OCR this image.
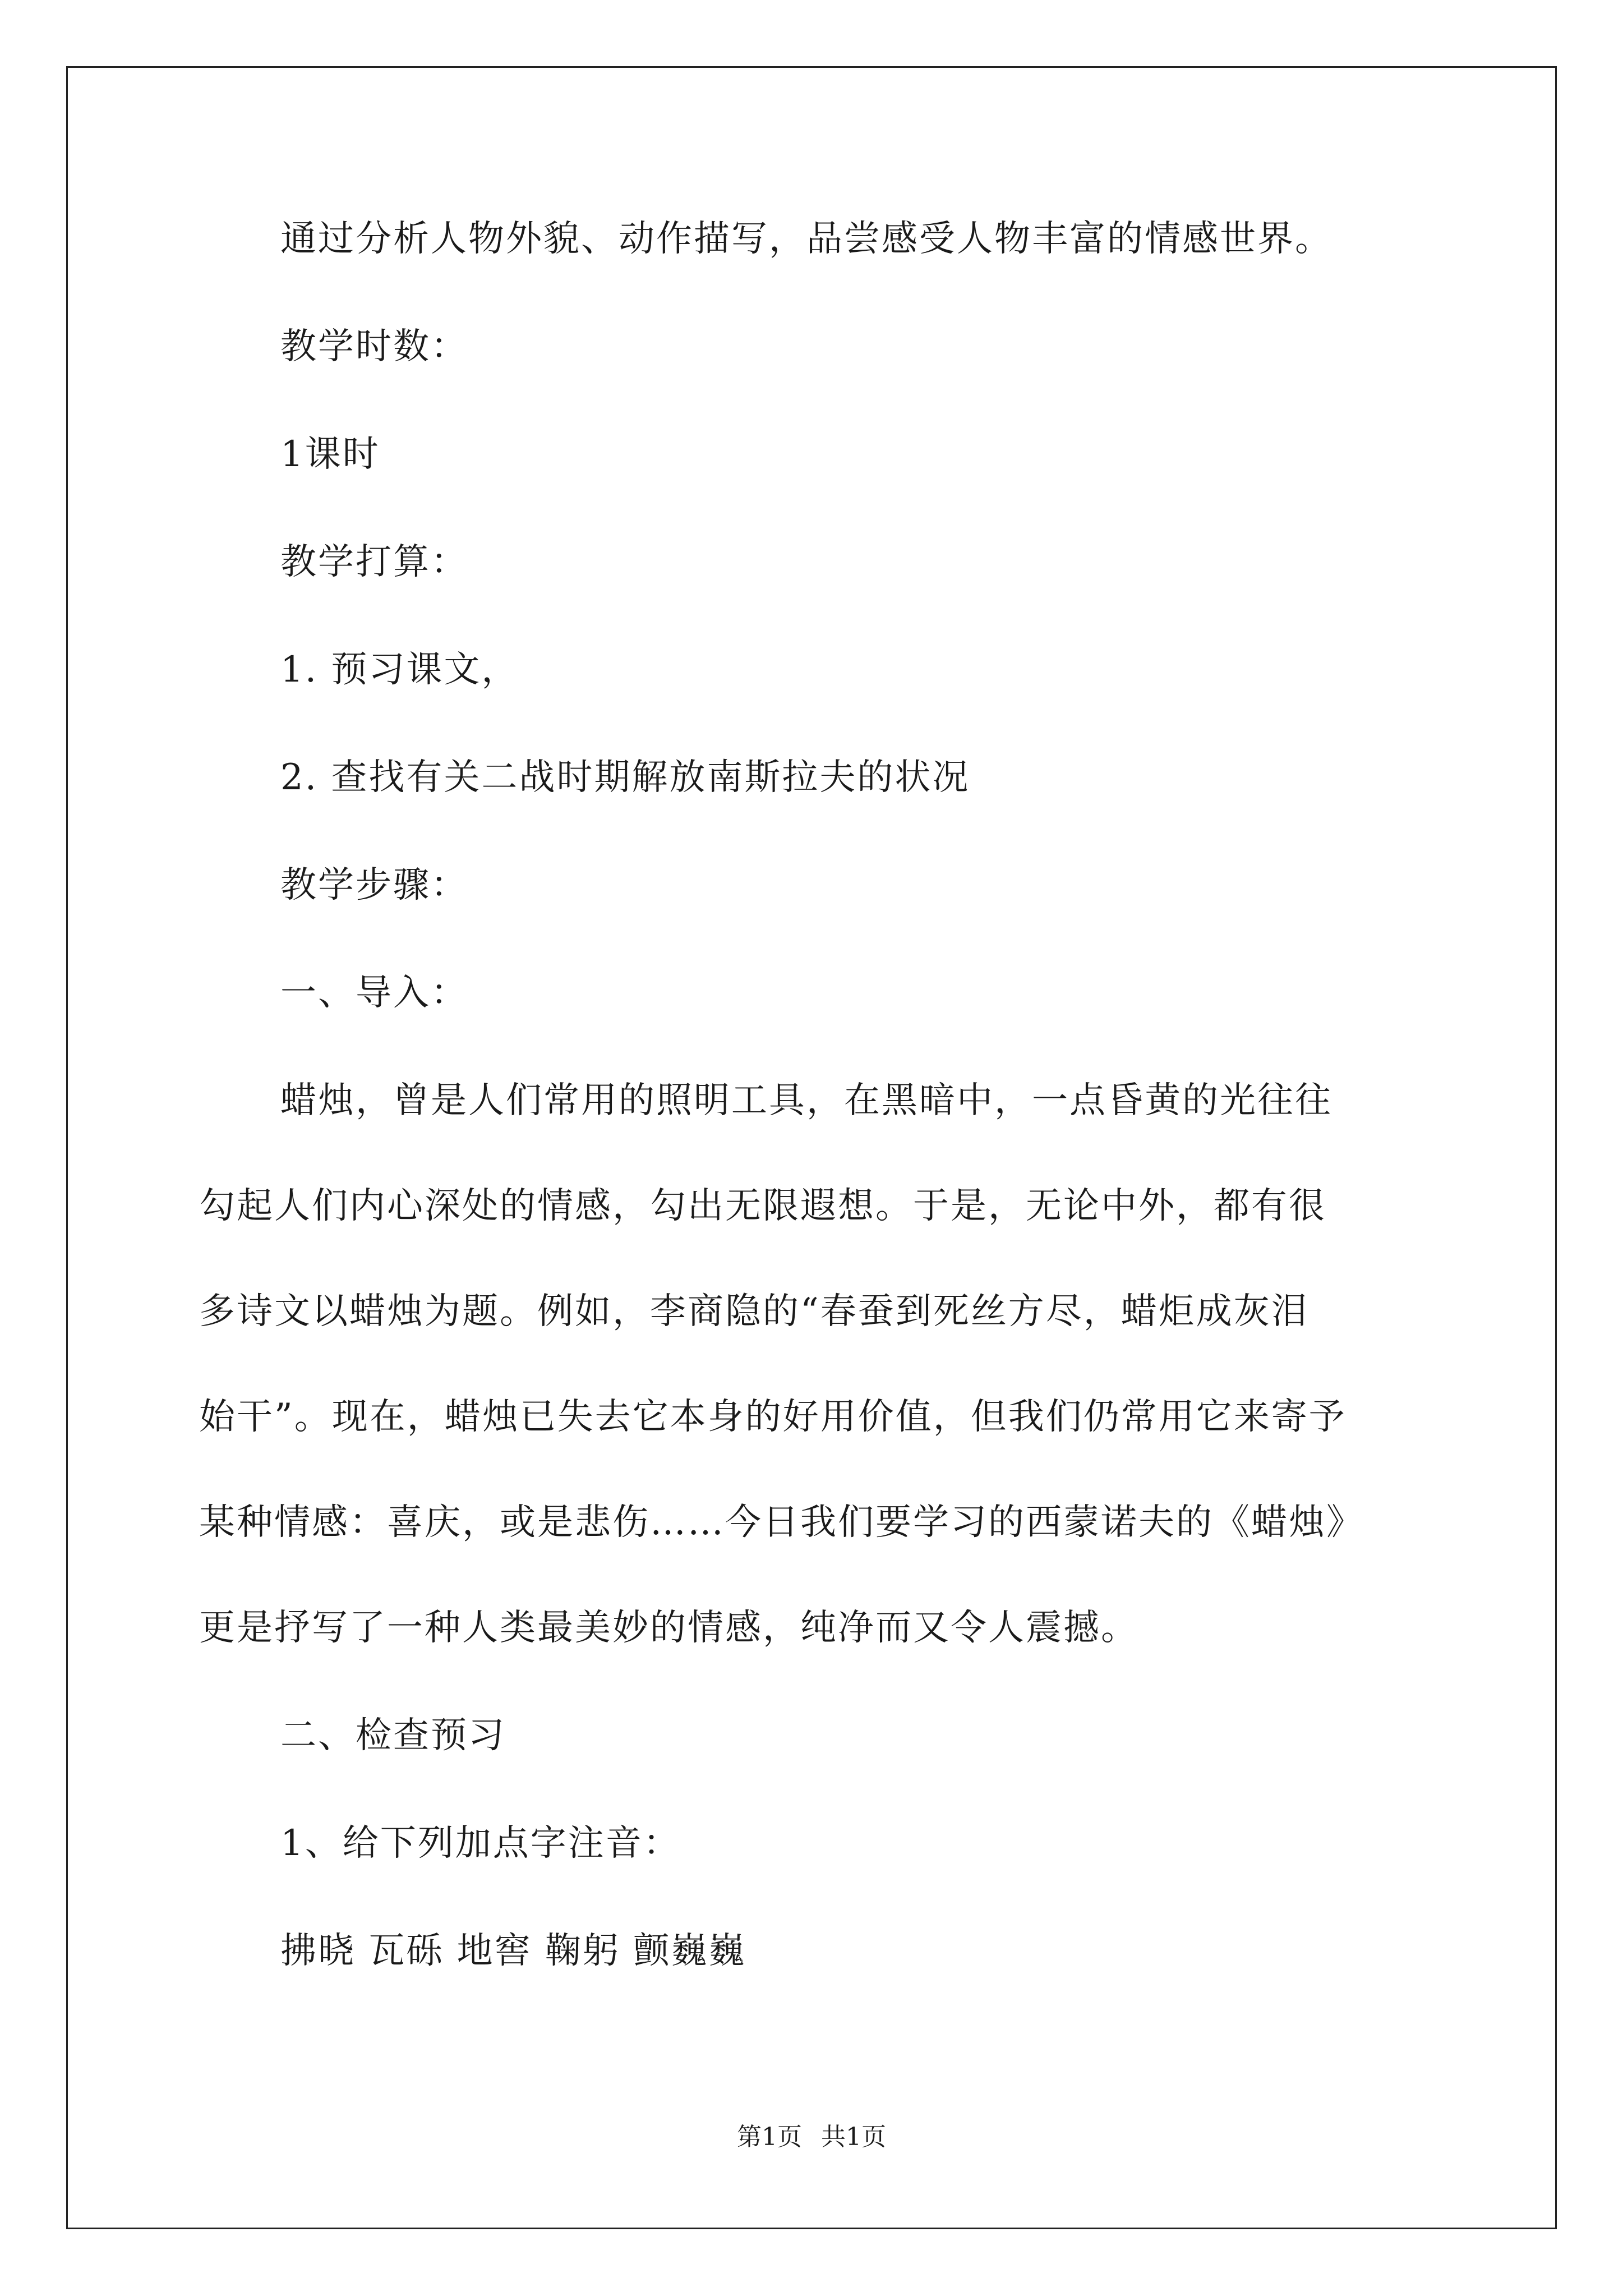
通过分析人物外貌、动作描写，品尝感受人物丰富的情感世界。
教学时数：
1课时
教学打算：
1. 预习课文，
2. 查找有关二战时期解放南斯拉夫的状况
教学步骤：
一、导入：
蜡烛，曾是人们常用的照明工具，在黑暗中，一点昏黄的光往往
勾起人们内心深处的情感，勾出无限遐想。于是，无论中外，都有很
多诗文以蜡烛为题。例如，李商隐的“春蚕到死丝方尽，蜡炬成灰泪
始干”。现在，蜡烛已失去它本身的好用价值，但我们仍常用它来寄予
某种情感：喜庆，或是悲伤……今日我们要学习的西蒙诺夫的《蜡烛》
更是抒写了一种人类最美妙的情感，纯净而又令人震撼。
二、检查预习
1、给下列加点字注音：
拂晓 瓦砾 地窖 鞠躬 颤巍巍
第1页 共1页
